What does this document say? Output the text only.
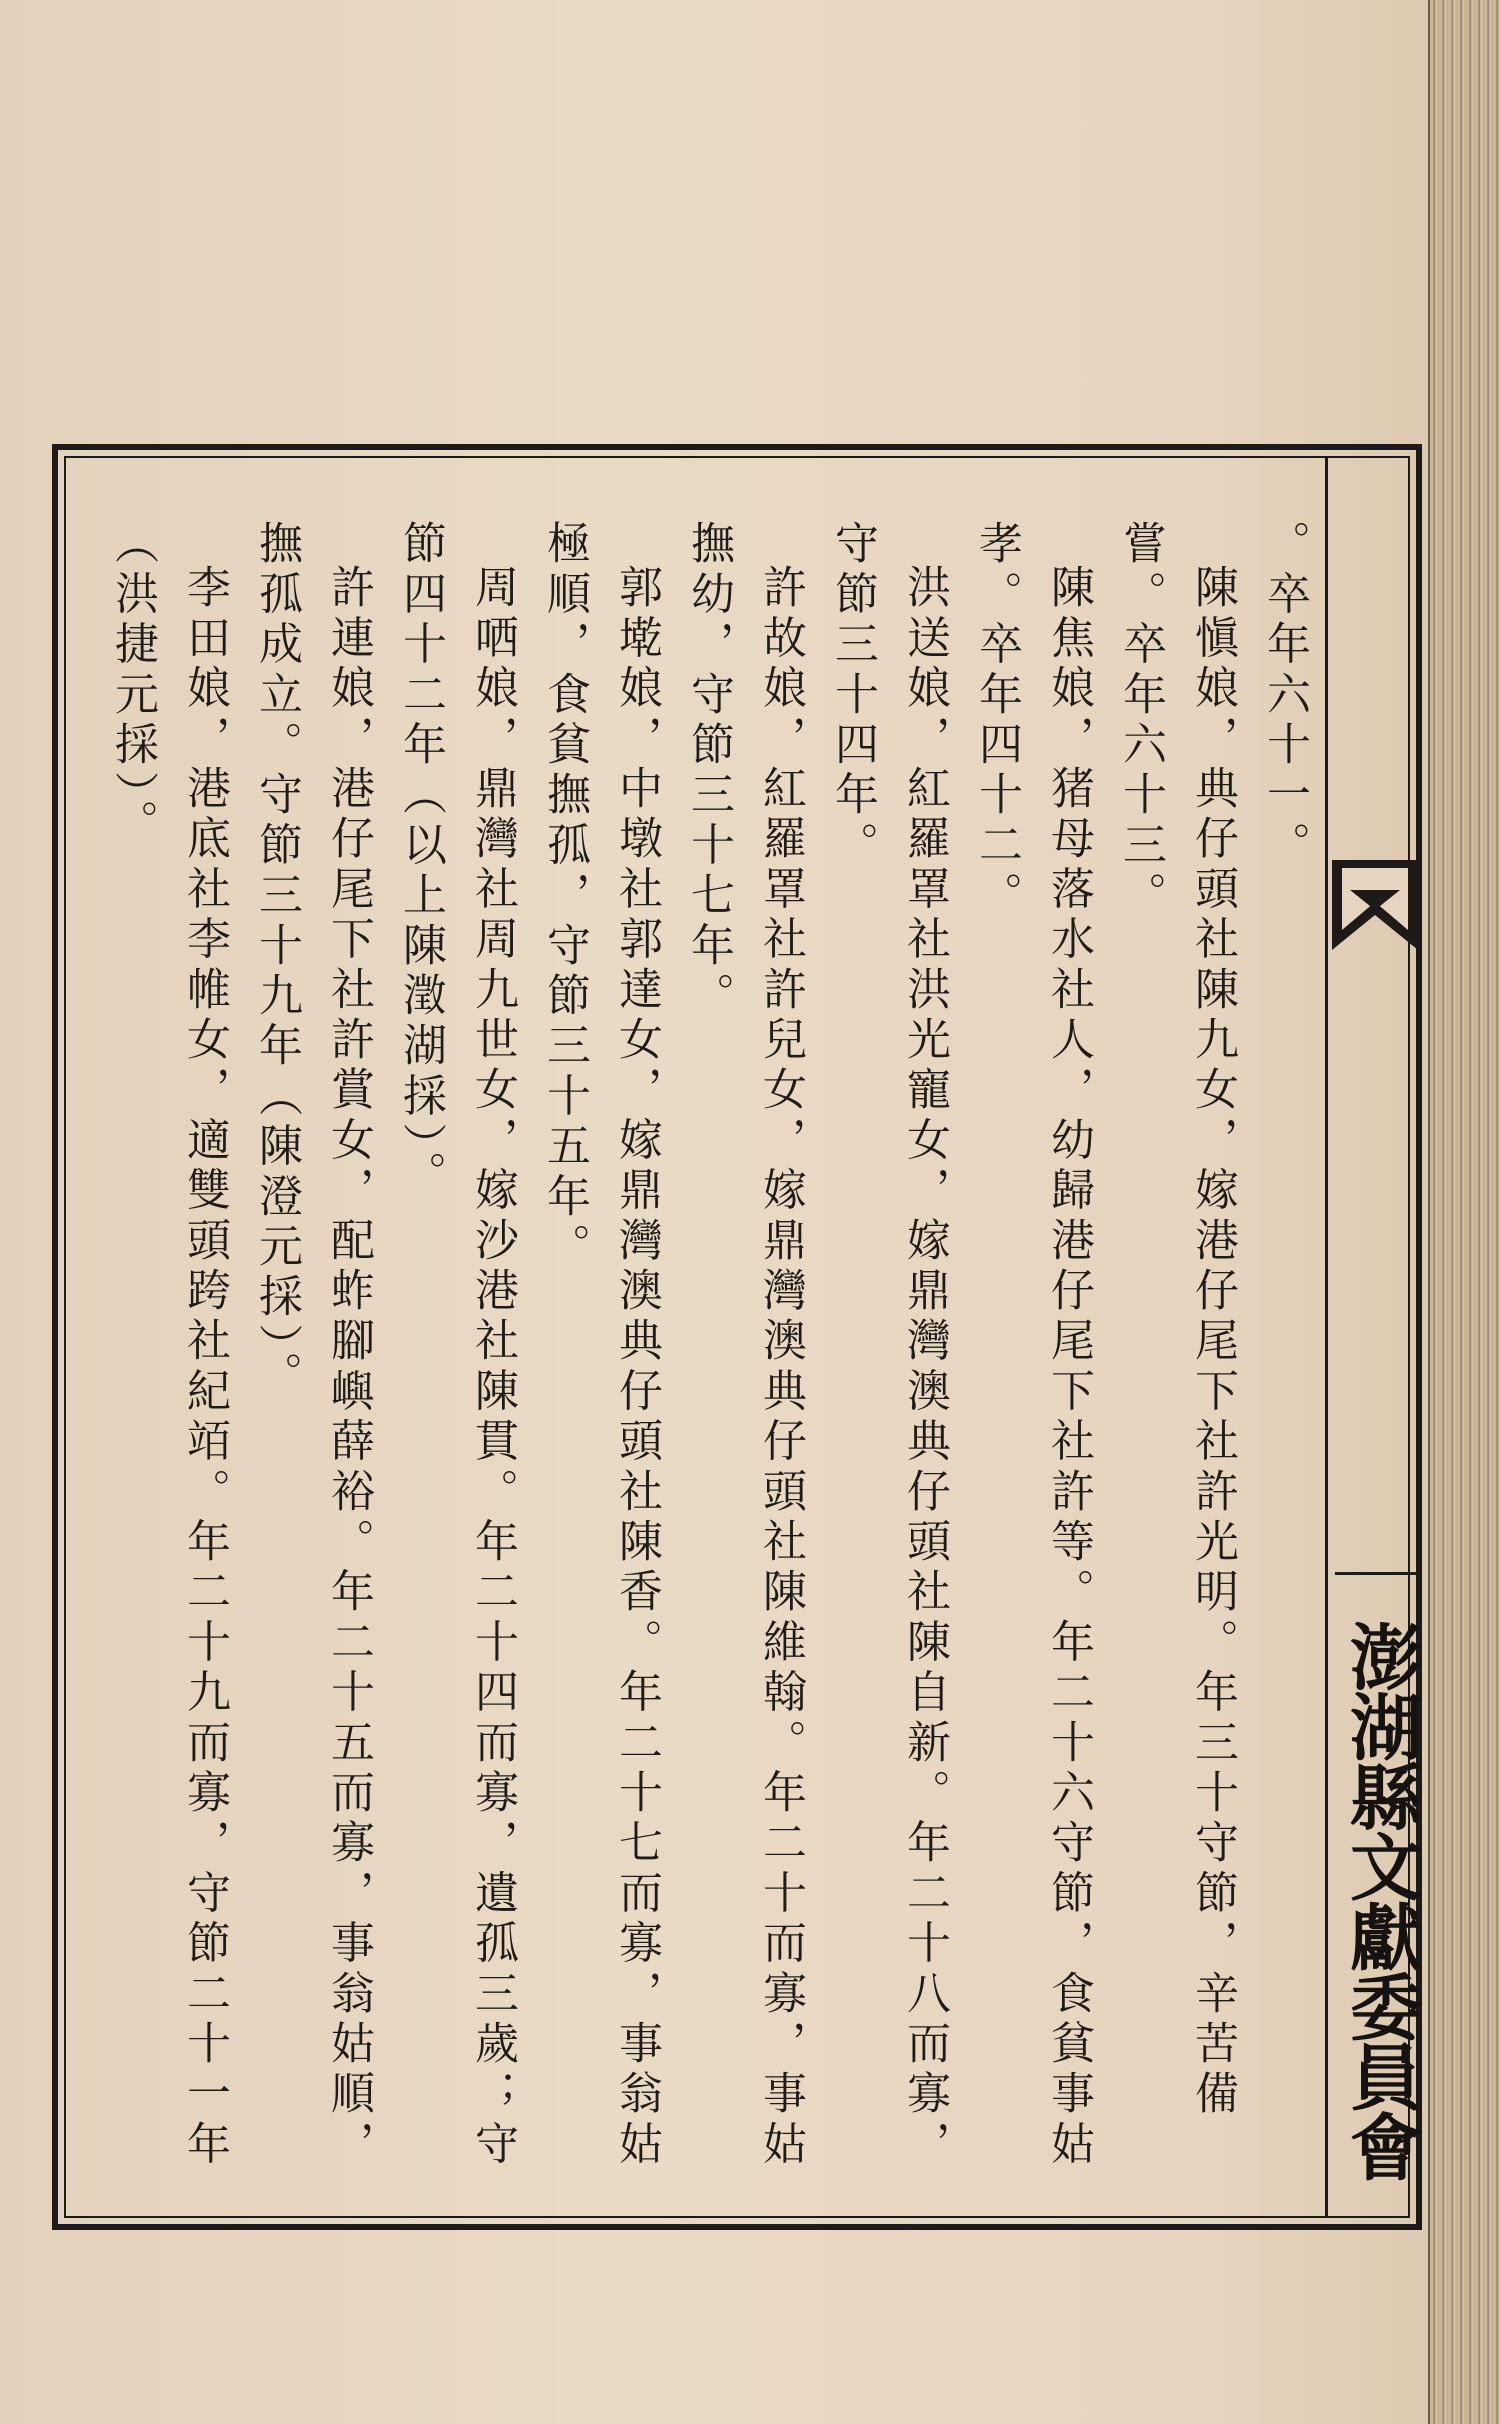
澎湖縣文獻委員會

。卒年六十一。

陳愼娘，典仔頭社陳九女，嫁港仔尾下社許光明。年三十守節，辛苦備嘗。卒年六十三。

陳焦娘，猪母落水社人，幼歸港仔尾下社許等。年二十六守節，食貧事姑孝。卒年四十二。

洪送娘，紅羅罩社洪光寵女，嫁鼎灣澳典仔頭社陳自新。年二十八而寡，守節三十四年。

許故娘，紅羅罩社許兒女，嫁鼎灣澳典仔頭社陳維翰。年二十而寡，事姑撫幼，守節三十七年。

郭墘娘，中墩社郭達女，嫁鼎灣澳典仔頭社陳香。年二十七而寡，事翁姑極順，食貧撫孤，守節三十五年。

周哂娘，鼎灣社周九世女，嫁沙港社陳貫。年二十四而寡，遺孤三歲；守節四十二年（以上陳澂湖採）。

許連娘，港仔尾下社許賞女，配蚱腳嶼薛裕。年二十五而寡，事翁姑順，撫孤成立。守節三十九年（陳澄元採）。

李田娘，港底社李帷女，適雙頭跨社紀竡。年二十九而寡，守節二十一年（洪捷元採）。
